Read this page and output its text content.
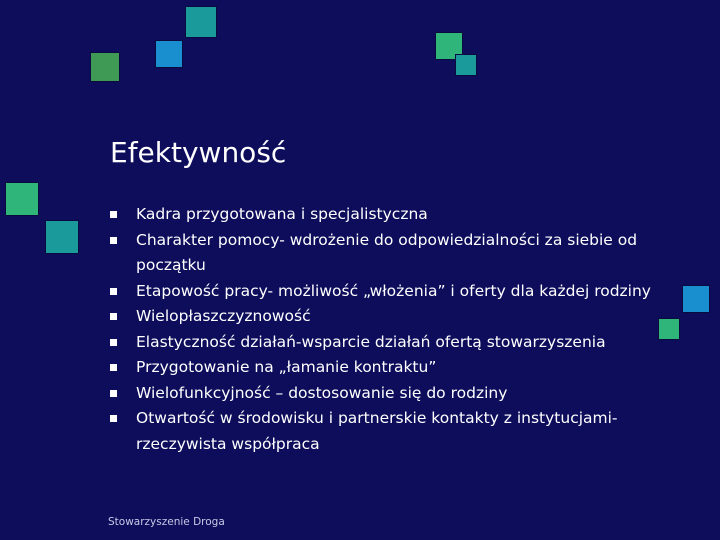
Efektywność
Kadra przygotowana i specjalistyczna
Charakter pomocy- wdrożenie do odpowiedzialności za siebie od początku
Etapowość pracy- możliwość „włożenia” i oferty dla każdej rodziny
Wielopłaszczyznowość
Elastyczność działań-wsparcie działań ofertą stowarzyszenia
Przygotowanie na „łamanie kontraktu”
Wielofunkcyjność – dostosowanie się do rodziny
Otwartość w środowisku i partnerskie kontakty z instytucjami- rzeczywista współpraca
Stowarzyszenie Droga
